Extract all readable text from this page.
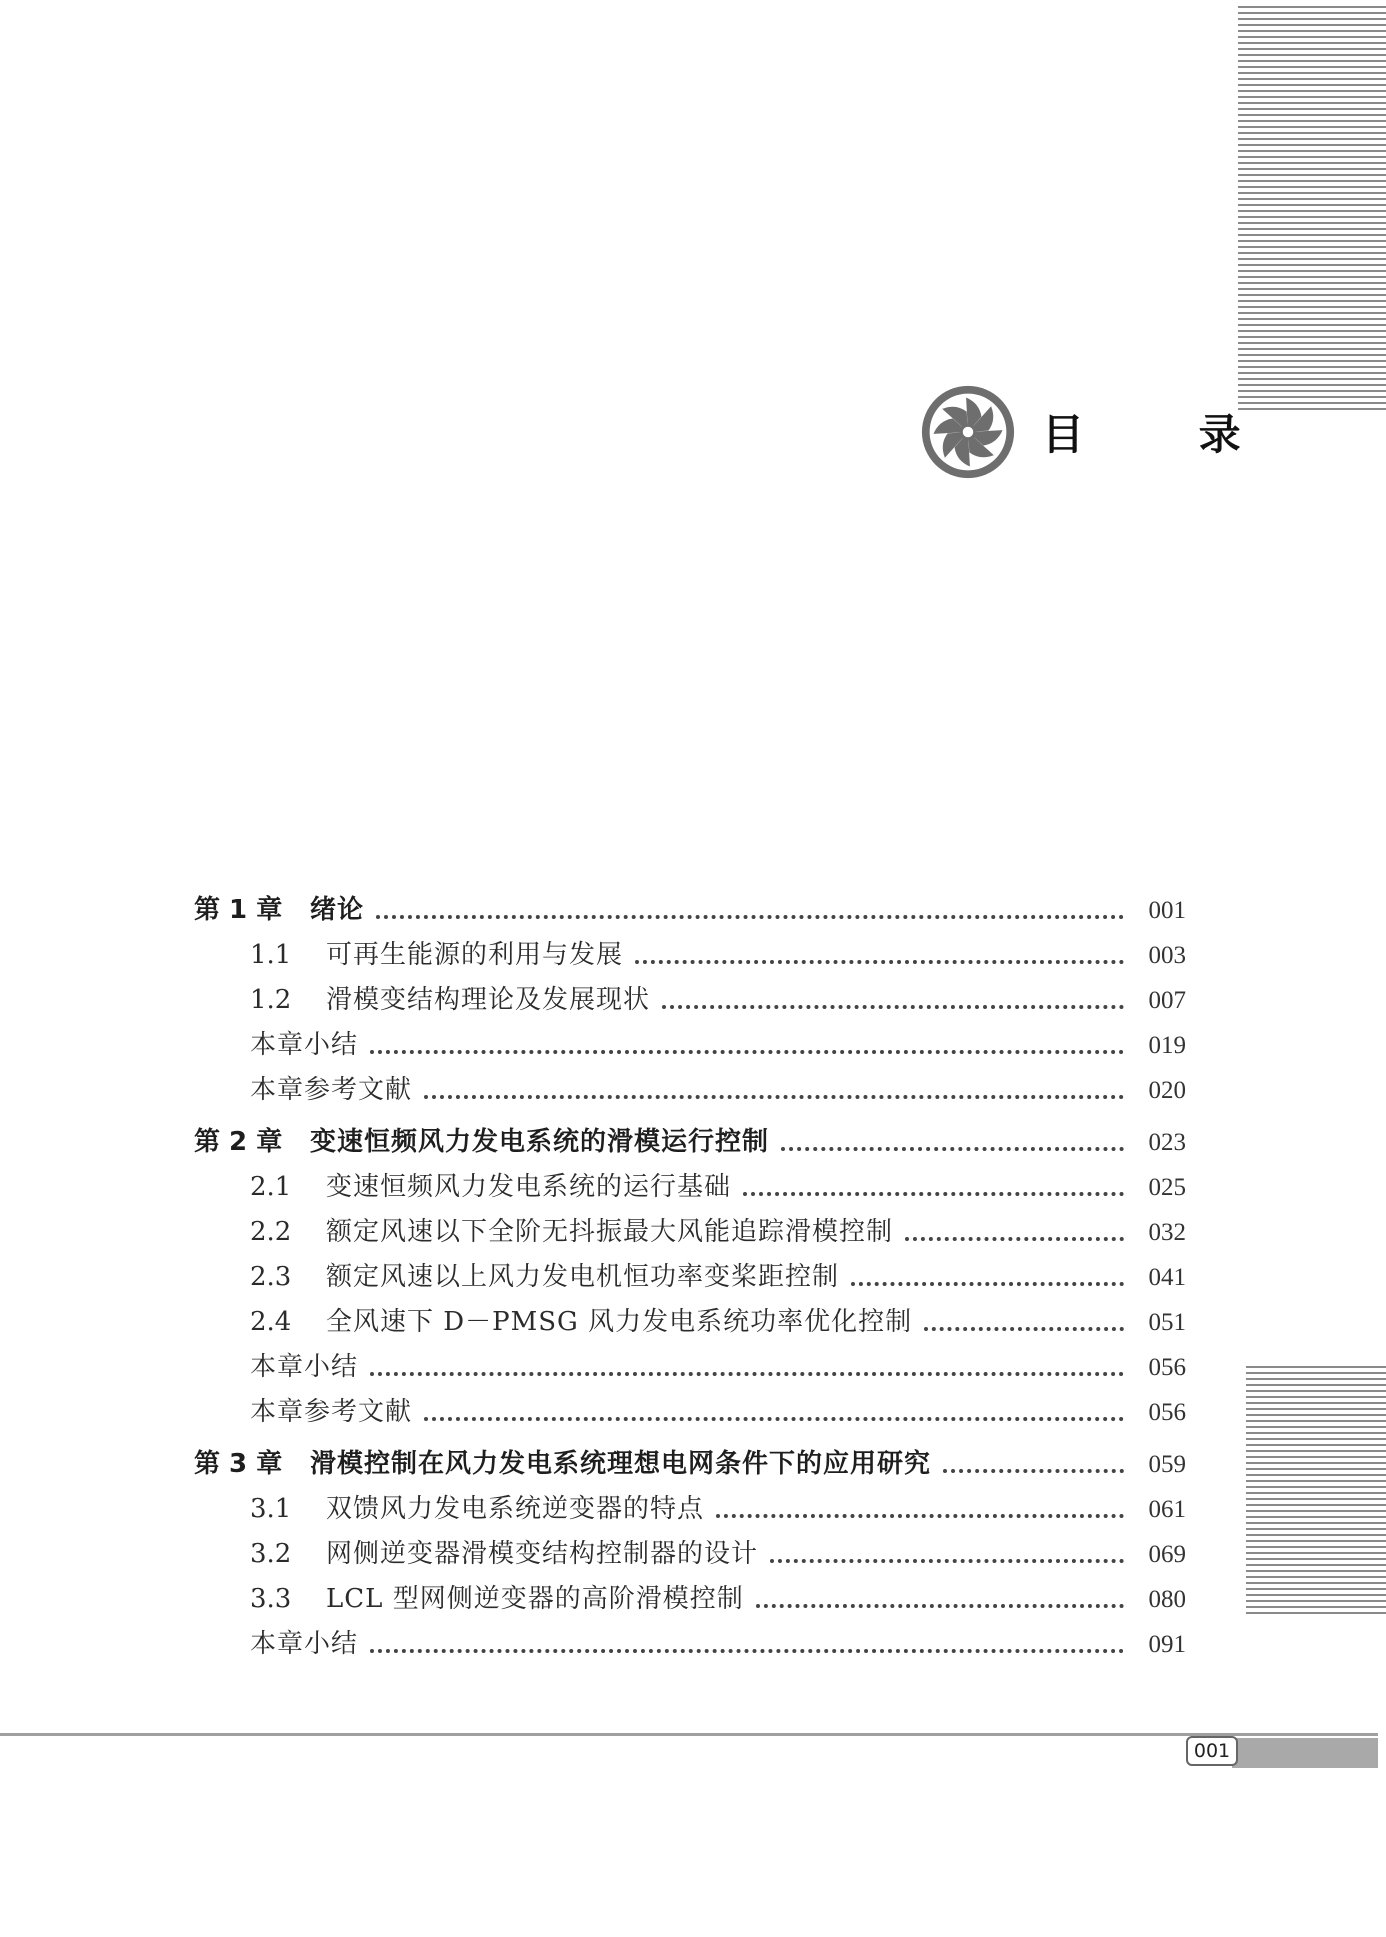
目 录
第 1 章	绪论	001
1.1	可再生能源的利用与发展	003
1.2	滑模变结构理论及发展现状	007
本章小结	019
本章参考文献	020
第 2 章	变速恒频风力发电系统的滑模运行控制	023
2.1	变速恒频风力发电系统的运行基础	025
2.2	额定风速以下全阶无抖振最大风能追踪滑模控制	032
2.3	额定风速以上风力发电机恒功率变桨距控制	041
2.4	全风速下 D－PMSG 风力发电系统功率优化控制	051
本章小结	056
本章参考文献	056
第 3 章	滑模控制在风力发电系统理想电网条件下的应用研究	059
3.1	双馈风力发电系统逆变器的特点	061
3.2	网侧逆变器滑模变结构控制器的设计	069
3.3	LCL 型网侧逆变器的高阶滑模控制	080
本章小结	091
001
